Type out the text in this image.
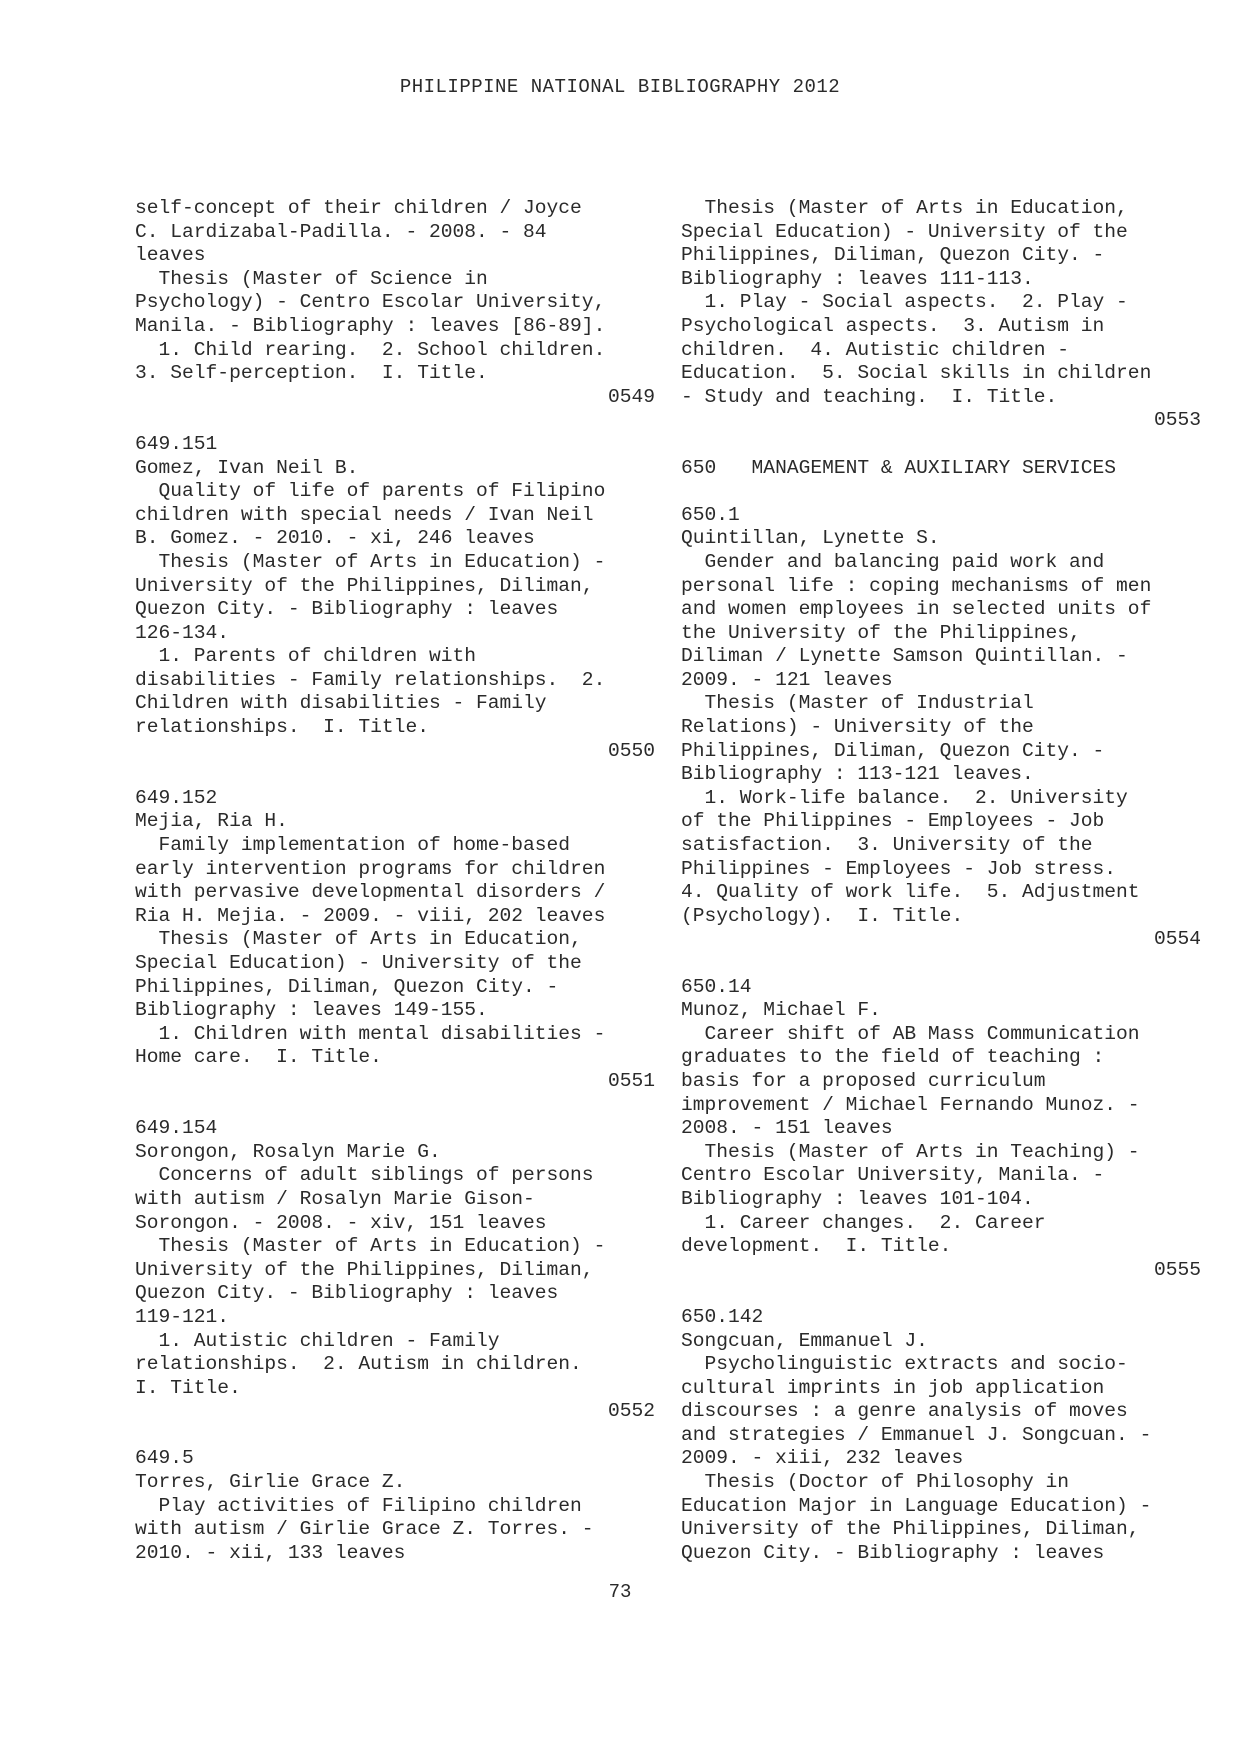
PHILIPPINE NATIONAL BIBLIOGRAPHY 2012
self-concept of their children / Joyce
C. Lardizabal-Padilla. - 2008. - 84
leaves
Thesis (Master of Science in
Psychology) - Centro Escolar University,
Manila. - Bibliography : leaves [86-89].
1. Child rearing.  2. School children.
3. Self-perception.  I. Title.
0549
649.151
Gomez, Ivan Neil B.
Quality of life of parents of Filipino
children with special needs / Ivan Neil
B. Gomez. - 2010. - xi, 246 leaves
Thesis (Master of Arts in Education) -
University of the Philippines, Diliman,
Quezon City. - Bibliography : leaves
126-134.
1. Parents of children with
disabilities - Family relationships.  2.
Children with disabilities - Family
relationships.  I. Title.
0550
649.152
Mejia, Ria H.
Family implementation of home-based
early intervention programs for children
with pervasive developmental disorders /
Ria H. Mejia. - 2009. - viii, 202 leaves
Thesis (Master of Arts in Education,
Special Education) - University of the
Philippines, Diliman, Quezon City. -
Bibliography : leaves 149-155.
1. Children with mental disabilities -
Home care.  I. Title.
0551
649.154
Sorongon, Rosalyn Marie G.
Concerns of adult siblings of persons
with autism / Rosalyn Marie Gison-
Sorongon. - 2008. - xiv, 151 leaves
Thesis (Master of Arts in Education) -
University of the Philippines, Diliman,
Quezon City. - Bibliography : leaves
119-121.
1. Autistic children - Family
relationships.  2. Autism in children.
I. Title.
0552
649.5
Torres, Girlie Grace Z.
Play activities of Filipino children
with autism / Girlie Grace Z. Torres. -
2010. - xii, 133 leaves
Thesis (Master of Arts in Education,
Special Education) - University of the
Philippines, Diliman, Quezon City. -
Bibliography : leaves 111-113.
1. Play - Social aspects.  2. Play -
Psychological aspects.  3. Autism in
children.  4. Autistic children -
Education.  5. Social skills in children
- Study and teaching.  I. Title.
0553
650   MANAGEMENT & AUXILIARY SERVICES
650.1
Quintillan, Lynette S.
Gender and balancing paid work and
personal life : coping mechanisms of men
and women employees in selected units of
the University of the Philippines,
Diliman / Lynette Samson Quintillan. -
2009. - 121 leaves
Thesis (Master of Industrial
Relations) - University of the
Philippines, Diliman, Quezon City. -
Bibliography : 113-121 leaves.
1. Work-life balance.  2. University
of the Philippines - Employees - Job
satisfaction.  3. University of the
Philippines - Employees - Job stress.
4. Quality of work life.  5. Adjustment
(Psychology).  I. Title.
0554
650.14
Munoz, Michael F.
Career shift of AB Mass Communication
graduates to the field of teaching :
basis for a proposed curriculum
improvement / Michael Fernando Munoz. -
2008. - 151 leaves
Thesis (Master of Arts in Teaching) -
Centro Escolar University, Manila. -
Bibliography : leaves 101-104.
1. Career changes.  2. Career
development.  I. Title.
0555
650.142
Songcuan, Emmanuel J.
Psycholinguistic extracts and socio-
cultural imprints in job application
discourses : a genre analysis of moves
and strategies / Emmanuel J. Songcuan. -
2009. - xiii, 232 leaves
Thesis (Doctor of Philosophy in
Education Major in Language Education) -
University of the Philippines, Diliman,
Quezon City. - Bibliography : leaves
73
